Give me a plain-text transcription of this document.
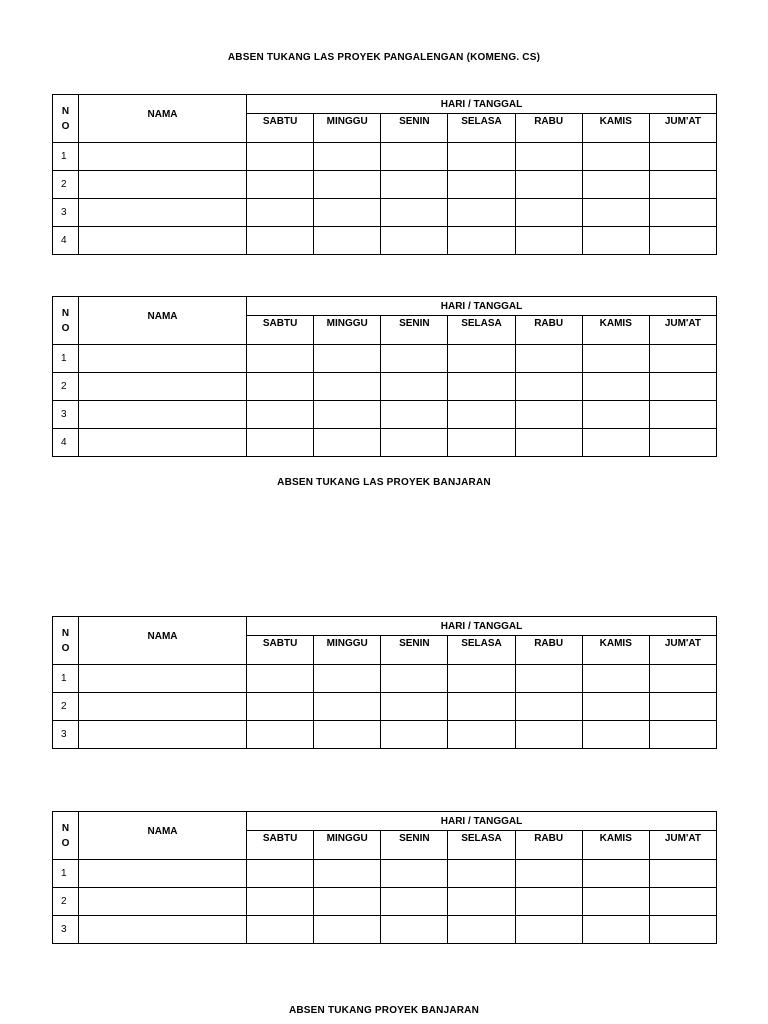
ABSEN TUKANG LAS PROYEK PANGALENGAN (KOMENG. CS)
N
O	NAMA	HARI / TANGGAL						
		SABTU	MINGGU	SENIN	SELASA	RABU	KAMIS	JUM'AT
1								
2								
3								
4								
N
O	NAMA	HARI / TANGGAL						
		SABTU	MINGGU	SENIN	SELASA	RABU	KAMIS	JUM'AT
1								
2								
3								
4								
ABSEN TUKANG LAS PROYEK BANJARAN
N
O	NAMA	HARI / TANGGAL						
		SABTU	MINGGU	SENIN	SELASA	RABU	KAMIS	JUM'AT
1								
2								
3								
N
O	NAMA	HARI / TANGGAL						
		SABTU	MINGGU	SENIN	SELASA	RABU	KAMIS	JUM'AT
1								
2								
3								
ABSEN TUKANG PROYEK BANJARAN
